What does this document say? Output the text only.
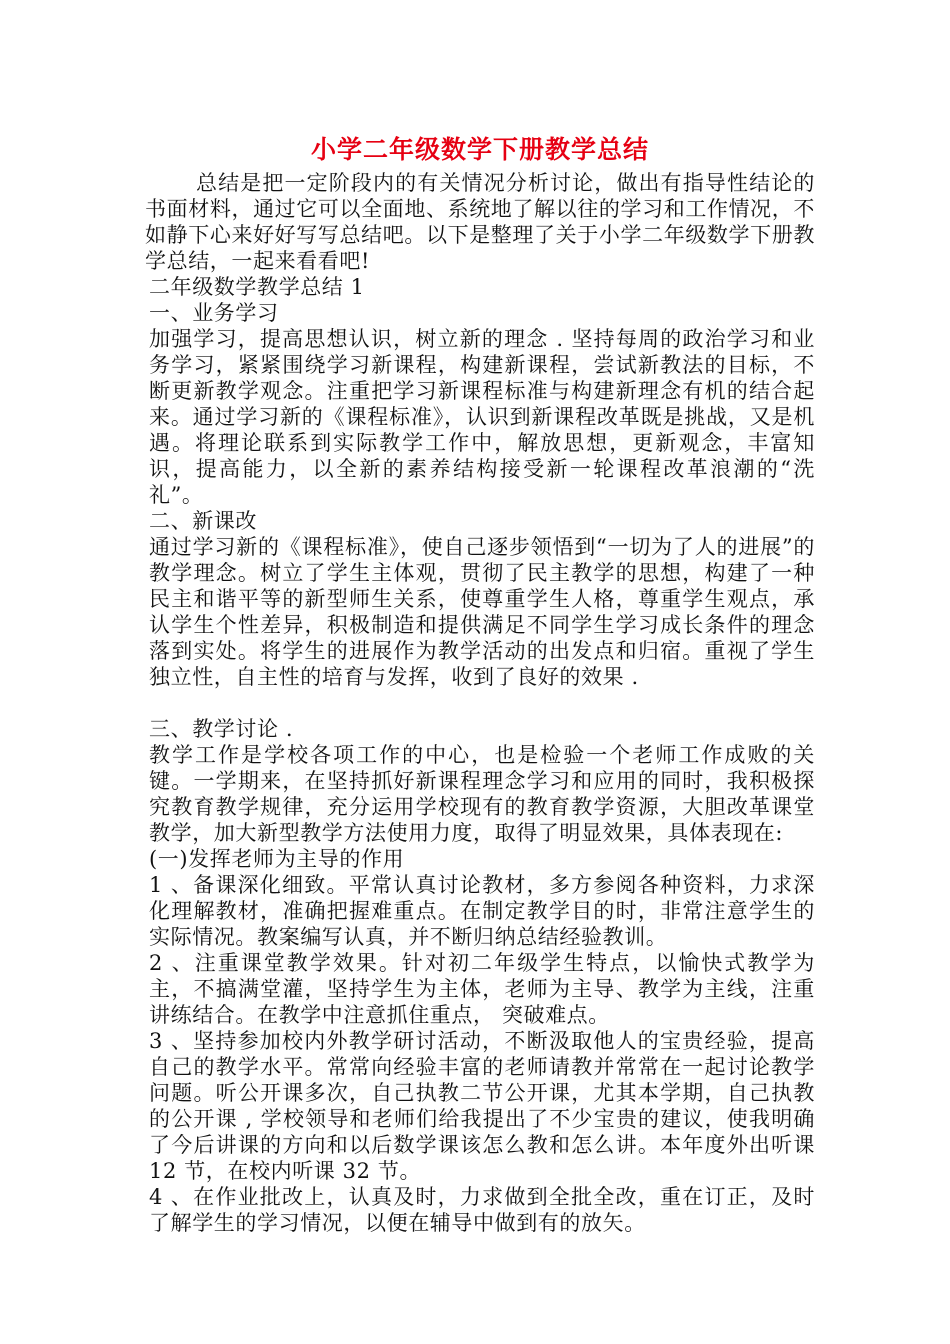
小学二年级数学下册教学总结

总结是把一定阶段内的有关情况分析讨论，做出有指导性结论的书面材料，通过它可以全面地、系统地了解以往的学习和工作情况，不如静下心来好好写写总结吧。以下是整理了关于小学二年级数学下册教学总结，一起来看看吧!

二年级数学教学总结 1

一、业务学习

加强学习，提高思想认识，树立新的理念 . 坚持每周的政治学习和业务学习，紧紧围绕学习新课程，构建新课程，尝试新教法的目标，不断更新教学观念。注重把学习新课程标准与构建新理念有机的结合起来。通过学习新的《课程标准》，认识到新课程改革既是挑战，又是机遇。将理论联系到实际教学工作中，解放思想，更新观念，丰富知识，提高能力，以全新的素养结构接受新一轮课程改革浪潮的“洗礼”。

二、新课改

通过学习新的《课程标准》，使自己逐步领悟到“一切为了人的进展”的教学理念。树立了学生主体观，贯彻了民主教学的思想，构建了一种民主和谐平等的新型师生关系，使尊重学生人格，尊重学生观点，承认学生个性差异，积极制造和提供满足不同学生学习成长条件的理念落到实处。将学生的进展作为教学活动的出发点和归宿。重视了学生独立性，自主性的培育与发挥，收到了良好的效果 .

三、教学讨论 .

教学工作是学校各项工作的中心，也是检验一个老师工作成败的关键。一学期来，在坚持抓好新课程理念学习和应用的同时，我积极探究教育教学规律，充分运用学校现有的教育教学资源，大胆改革课堂教学，加大新型教学方法使用力度，取得了明显效果，具体表现在:

(一)发挥老师为主导的作用

1 、备课深化细致。平常认真讨论教材，多方参阅各种资料，力求深化理解教材，准确把握难重点。在制定教学目的时，非常注意学生的实际情况。教案编写认真，并不断归纳总结经验教训。

2 、注重课堂教学效果。针对初二年级学生特点，以愉快式教学为主，不搞满堂灌，坚持学生为主体，老师为主导、教学为主线，注重讲练结合。在教学中注意抓住重点， 突破难点。

3 、坚持参加校内外教学研讨活动，不断汲取他人的宝贵经验，提高自己的教学水平。常常向经验丰富的老师请教并常常在一起讨论教学问题。听公开课多次，自己执教二节公开课，尤其本学期，自己执教的公开课 , 学校领导和老师们给我提出了不少宝贵的建议，使我明确了今后讲课的方向和以后数学课该怎么教和怎么讲。本年度外出听课 12 节，在校内听课 32 节。

4 、在作业批改上，认真及时，力求做到全批全改，重在订正，及时了解学生的学习情况，以便在辅导中做到有的放矢。
